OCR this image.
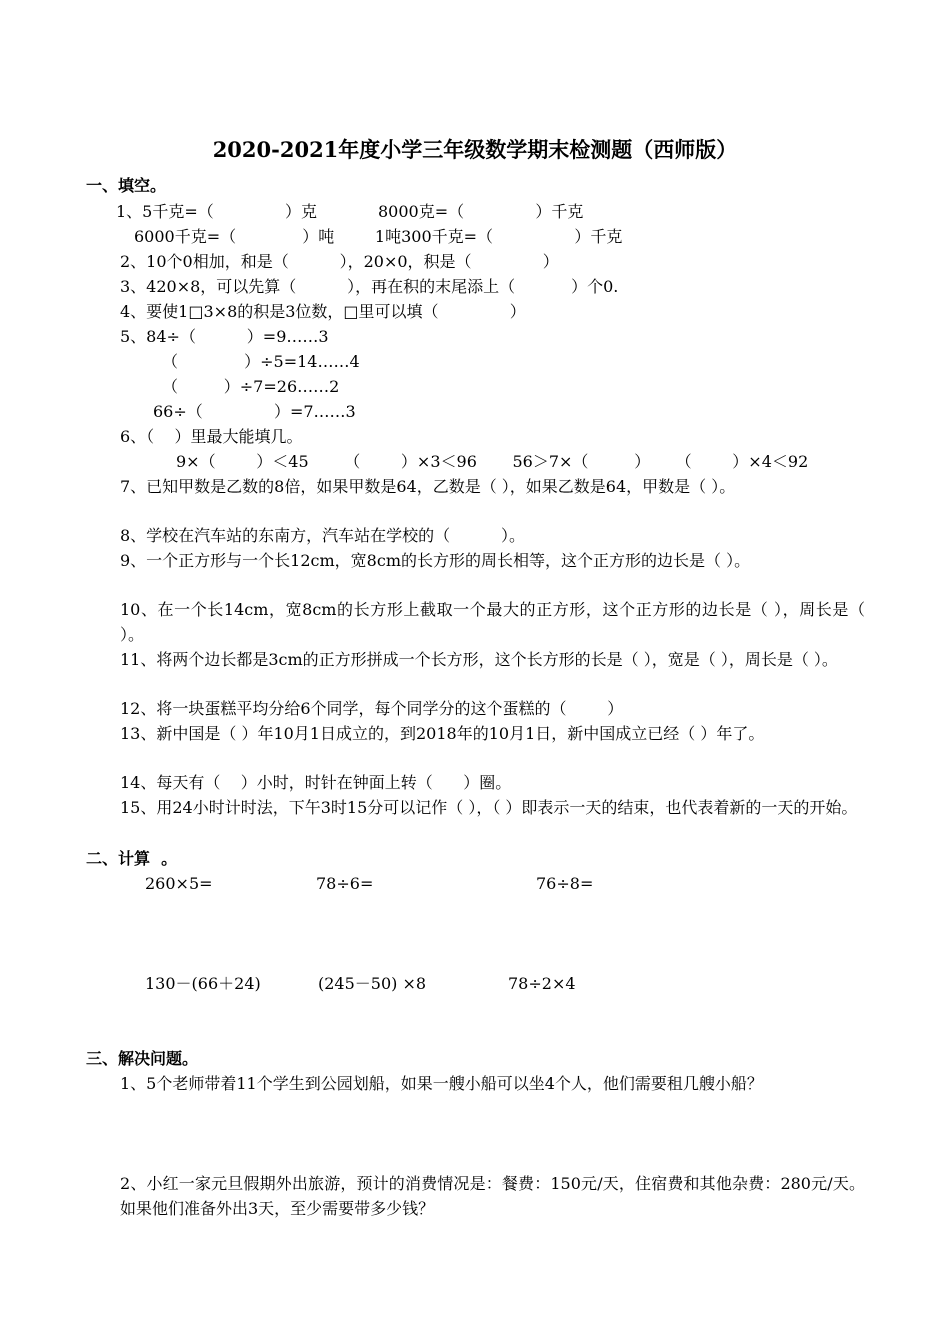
2020-2021年度小学三年级数学期末检测题（西师版）
一、填空。
1、5千克=（              ）克            8000克=（              ）千克
6000千克=（             ）吨        1吨300千克=（                ）千克
2、10个0相加，和是（          ），20×0，积是（              ）
3、420×8，可以先算（          ），再在积的末尾添上（           ）个0.
4、要使1□3×8的积是3位数，□里可以填（              ）
5、84÷（          ）=9……3
（             ）÷5=14……4
（         ）÷7=26……2
66÷（              ）=7……3
6、（    ）里最大能填几。
9×（        ）＜45       （        ）×3＜96       56＞7×（         ）     （        ）×4＜92
7、已知甲数是乙数的8倍，如果甲数是64，乙数是（ ），如果乙数是64，甲数是（ ）。
8、学校在汽车站的东南方，汽车站在学校的（          ）。
9、一个正方形与一个长12cm，宽8cm的长方形的周长相等，这个正方形的边长是（ ）。
10、在一个长14cm，宽8cm的长方形上截取一个最大的正方形，这个正方形的边长是（ ），周长是（ ）。
11、将两个边长都是3cm的正方形拼成一个长方形，这个长方形的长是（ ），宽是（ ），周长是（ ）。
12、将一块蛋糕平均分给6个同学，每个同学分的这个蛋糕的（        ）
13、新中国是（ ）年10月1日成立的，到2018年的10月1日，新中国成立已经（ ）年了。
14、每天有（    ）小时，时针在钟面上转（      ）圈。
15、用24小时计时法，下午3时15分可以记作（ ），（ ）即表示一天的结束，也代表着新的一天的开始。
二、计算  。
260×5=	78÷6=	76÷8=
130－(66＋24)	(245－50) ×8	78÷2×4
三、解决问题。
1、5个老师带着11个学生到公园划船，如果一艘小船可以坐4个人，他们需要租几艘小船？
2、小红一家元旦假期外出旅游，预计的消费情况是：餐费：150元/天，住宿费和其他杂费：280元/天。如果他们准备外出3天，至少需要带多少钱？
